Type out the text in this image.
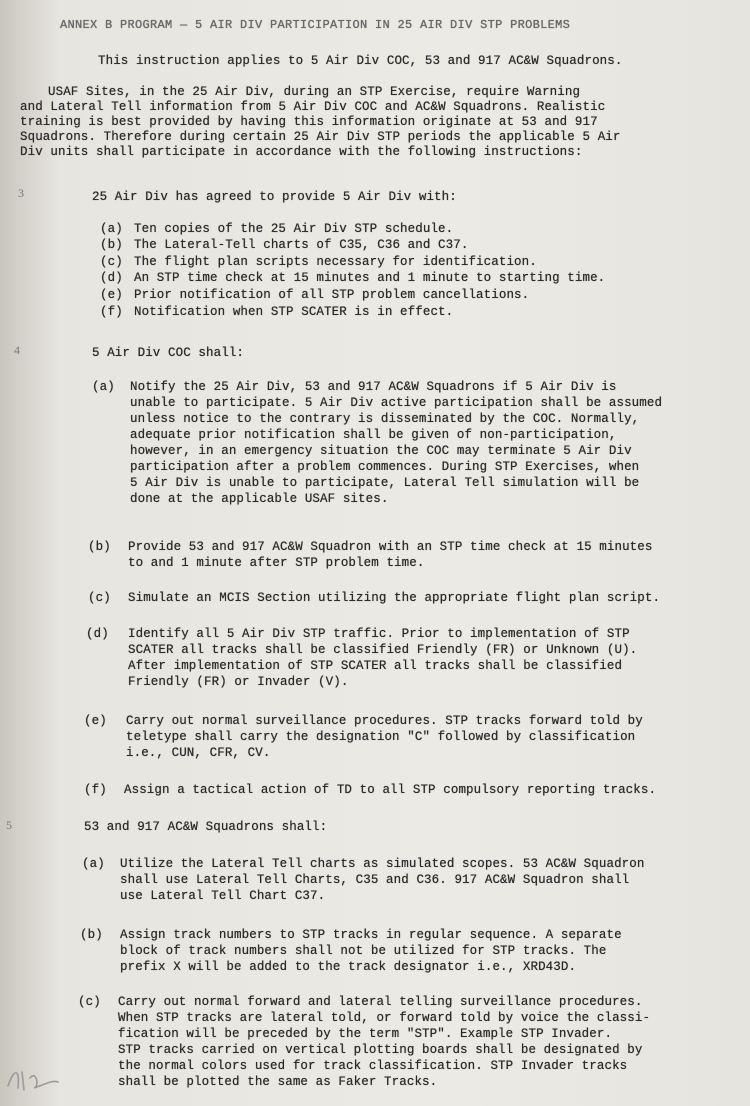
ANNEX B PROGRAM — 5 AIR DIV PARTICIPATION IN 25 AIR DIV STP PROBLEMS
This instruction applies to 5 Air Div COC, 53 and 917 AC&W Squadrons.
USAF Sites, in the 25 Air Div, during an STP Exercise, require Warning
and Lateral Tell information from 5 Air Div COC and AC&W Squadrons. Realistic
training is best provided by having this information originate at 53 and 917
Squadrons. Therefore during certain 25 Air Div STP periods the applicable 5 Air
Div units shall participate in accordance with the following instructions:
3	25 Air Div has agreed to provide 5 Air Div with:
(a) Ten copies of the 25 Air Div STP schedule.
(b) The Lateral-Tell charts of C35, C36 and C37.
(c) The flight plan scripts necessary for identification.
(d) An STP time check at 15 minutes and 1 minute to starting time.
(e) Prior notification of all STP problem cancellations.
(f) Notification when STP SCATER is in effect.
4	5 Air Div COC shall:
(a) Notify the 25 Air Div, 53 and 917 AC&W Squadrons if 5 Air Div is
unable to participate. 5 Air Div active participation shall be assumed
unless notice to the contrary is disseminated by the COC. Normally,
adequate prior notification shall be given of non-participation,
however, in an emergency situation the COC may terminate 5 Air Div
participation after a problem commences. During STP Exercises, when
5 Air Div is unable to participate, Lateral Tell simulation will be
done at the applicable USAF sites.
(b) Provide 53 and 917 AC&W Squadron with an STP time check at 15 minutes
to and 1 minute after STP problem time.
(c) Simulate an MCIS Section utilizing the appropriate flight plan script.
(d) Identify all 5 Air Div STP traffic. Prior to implementation of STP
SCATER all tracks shall be classified Friendly (FR) or Unknown (U).
After implementation of STP SCATER all tracks shall be classified
Friendly (FR) or Invader (V).
(e) Carry out normal surveillance procedures. STP tracks forward told by
teletype shall carry the designation "C" followed by classification
i.e., CUN, CFR, CV.
(f) Assign a tactical action of TD to all STP compulsory reporting tracks.
5	53 and 917 AC&W Squadrons shall:
(a) Utilize the Lateral Tell charts as simulated scopes. 53 AC&W Squadron
shall use Lateral Tell Charts, C35 and C36. 917 AC&W Squadron shall
use Lateral Tell Chart C37.
(b) Assign track numbers to STP tracks in regular sequence. A separate
block of track numbers shall not be utilized for STP tracks. The
prefix X will be added to the track designator i.e., XRD43D.
(c) Carry out normal forward and lateral telling surveillance procedures.
When STP tracks are lateral told, or forward told by voice the classi-
fication will be preceded by the term "STP". Example STP Invader.
STP tracks carried on vertical plotting boards shall be designated by
the normal colors used for track classification. STP Invader tracks
shall be plotted the same as Faker Tracks.
